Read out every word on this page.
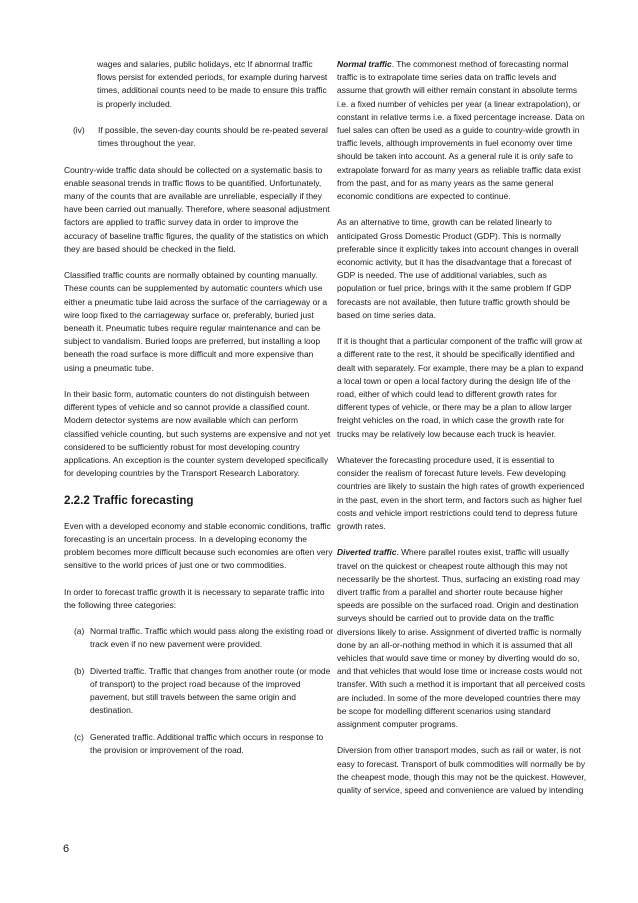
wages and salaries, public holidays, etc If abnormal traffic flows persist for extended periods, for example during harvest times, additional counts need to be made to ensure this traffic is properly included.

(iv)	If possible, the seven-day counts should be re-peated several times throughout the year.

Country-wide traffic data should be collected on a systematic basis to enable seasonal trends in traffic flows to be quantified. Unfortunately, many of the counts that are available are unreliable, especially if they have been carried out manually. Therefore, where seasonal adjustment factors are applied to traffic survey data in order to improve the accuracy of baseline traffic figures, the quality of the statistics on which they are based should be checked in the field.

Classified traffic counts are normally obtained by counting manually. These counts can be supplemented by automatic counters which use either a pneumatic tube laid across the surface of the carriageway or a wire loop fixed to the carriageway surface or, preferably, buried just beneath it. Pneumatic tubes require regular maintenance and can be subject to vandalism. Buried loops are preferred, but installing a loop beneath the road surface is more difficult and more expensive than using a pneumatic tube.

In their basic form, automatic counters do not distinguish between different types of vehicle and so cannot provide a classified count. Modern detector systems are now available which can perform classified vehicle counting, but such systems are expensive and not yet considered to be sufficiently robust for most developing country applications. An exception is the counter system developed specifically for developing countries by the Transport Research Laboratory.

2.2.2 Traffic forecasting

Even with a developed economy and stable economic conditions, traffic forecasting is an uncertain process. In a developing economy the problem becomes more difficult because such economies are often very sensitive to the world prices of just one or two commodities.

In order to forecast traffic growth it is necessary to separate traffic into the following three categories:

(a) Normal traffic. Traffic which would pass along the existing road or track even if no new pavement were provided.
(b) Diverted traffic. Traffic that changes from another route (or mode of transport) to the project road because of the improved pavement, but still travels between the same origin and destination.
(c) Generated traffic. Additional traffic which occurs in response to the provision or improvement of the road.

Normal traffic. The commonest method of forecasting normal traffic is to extrapolate time series data on traffic levels and assume that growth will either remain constant in absolute terms i.e. a fixed number of vehicles per year (a linear extrapolation), or constant in relative terms i.e. a fixed percentage increase. Data on fuel sales can often be used as a guide to country-wide growth in traffic levels, although improvements in fuel economy over time should be taken into account. As a general rule it is only safe to extrapolate forward for as many years as reliable traffic data exist from the past, and for as many years as the same general economic conditions are expected to continue.

As an alternative to time, growth can be related linearly to anticipated Gross Domestic Product (GDP). This is normally preferable since it explicitly takes into account changes in overall economic activity, but it has the disadvantage that a forecast of GDP is needed. The use of additional variables, such as population or fuel price, brings with it the same problem If GDP forecasts are not available, then future traffic growth should be based on time series data.

If it is thought that a particular component of the traffic will grow at a different rate to the rest, it should be specifically identified and dealt with separately. For example, there may be a plan to expand a local town or open a local factory during the design life of the road, either of which could lead to different growth rates for different types of vehicle, or there may be a plan to allow larger freight vehicles on the road, in which case the growth rate for trucks may be relatively low because each truck is heavier.

Whatever the forecasting procedure used, it is essential to consider the realism of forecast future levels. Few developing countries are likely to sustain the high rates of growth experienced in the past, even in the short term, and factors such as higher fuel costs and vehicle import restrictions could tend to depress future growth rates.

Diverted traffic. Where parallel routes exist, traffic will usually travel on the quickest or cheapest route although this may not necessarily be the shortest. Thus, surfacing an existing road may divert traffic from a parallel and shorter route because higher speeds are possible on the surfaced road. Origin and destination surveys should be carried out to provide data on the traffic diversions likely to arise. Assignment of diverted traffic is normally done by an all-or-nothing method in which it is assumed that all vehicles that would save time or money by diverting would do so, and that vehicles that would lose time or increase costs would not transfer. With such a method it is important that all perceived costs are included. In some of the more developed countries there may be scope for modelling different scenarios using standard assignment computer programs.

Diversion from other transport modes, such as rail or water, is not easy to forecast. Transport of bulk commodities will normally be by the cheapest mode, though this may not be the quickest. However, quality of service, speed and convenience are valued by intending

6
